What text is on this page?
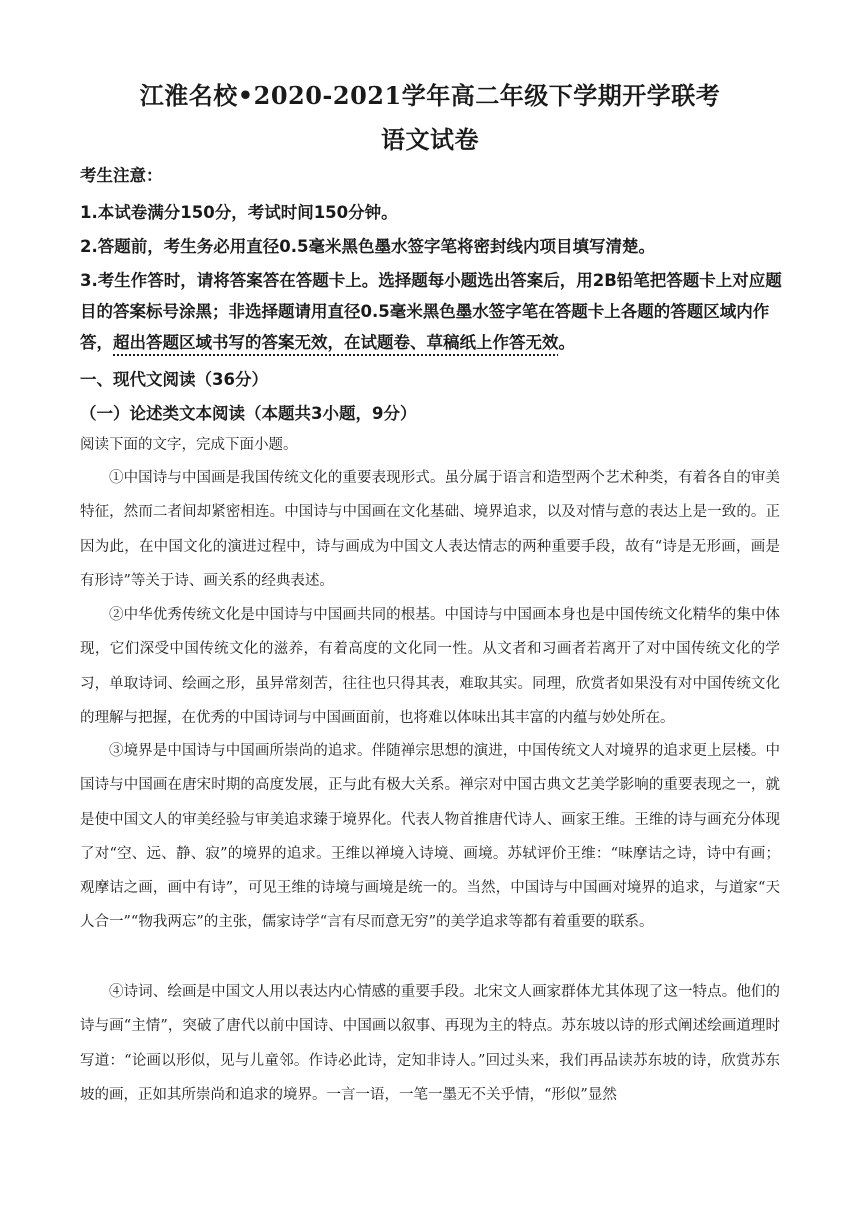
江淮名校•2020-2021学年高二年级下学期开学联考
语文试卷
考生注意：
1.本试卷满分150分，考试时间150分钟。
2.答题前，考生务必用直径0.5毫米黑色墨水签字笔将密封线内项目填写清楚。
3.考生作答时，请将答案答在答题卡上。选择题每小题选出答案后，用2B铅笔把答题卡上对应题目的答案标号涂黑；非选择题请用直径0.5毫米黑色墨水签字笔在答题卡上各题的答题区域内作答，超出答题区域书写的答案无效，在试题卷、草稿纸上作答无效。
一、现代文阅读（36分）
（一）论述类文本阅读（本题共3小题，9分）
阅读下面的文字，完成下面小题。

①中国诗与中国画是我国传统文化的重要表现形式。虽分属于语言和造型两个艺术种类，有着各自的审美特征，然而二者间却紧密相连。中国诗与中国画在文化基础、境界追求，以及对情与意的表达上是一致的。正因为此，在中国文化的演进过程中，诗与画成为中国文人表达情志的两种重要手段，故有“诗是无形画，画是有形诗”等关于诗、画关系的经典表述。

②中华优秀传统文化是中国诗与中国画共同的根基。中国诗与中国画本身也是中国传统文化精华的集中体现，它们深受中国传统文化的滋养，有着高度的文化同一性。从文者和习画者若离开了对中国传统文化的学习，单取诗词、绘画之形，虽异常刻苦，往往也只得其表，难取其实。同理，欣赏者如果没有对中国传统文化的理解与把握，在优秀的中国诗词与中国画面前，也将难以体味出其丰富的内蕴与妙处所在。

③境界是中国诗与中国画所崇尚的追求。伴随禅宗思想的演进，中国传统文人对境界的追求更上层楼。中国诗与中国画在唐宋时期的高度发展，正与此有极大关系。禅宗对中国古典文艺美学影响的重要表现之一，就是使中国文人的审美经验与审美追求臻于境界化。代表人物首推唐代诗人、画家王维。王维的诗与画充分体现了对“空、远、静、寂”的境界的追求。王维以禅境入诗境、画境。苏轼评价王维：“味摩诘之诗，诗中有画；观摩诘之画，画中有诗”，可见王维的诗境与画境是统一的。当然，中国诗与中国画对境界的追求，与道家“天人合一”“物我两忘”的主张，儒家诗学“言有尽而意无穷”的美学追求等都有着重要的联系。

④诗词、绘画是中国文人用以表达内心情感的重要手段。北宋文人画家群体尤其体现了这一特点。他们的诗与画“主情”，突破了唐代以前中国诗、中国画以叙事、再现为主的特点。苏东坡以诗的形式阐述绘画道理时写道：“论画以形似，见与儿童邻。作诗必此诗，定知非诗人。”回过头来，我们再品读苏东坡的诗，欣赏苏东坡的画，正如其所崇尚和追求的境界。一言一语，一笔一墨无不关乎情，“形似”显然
